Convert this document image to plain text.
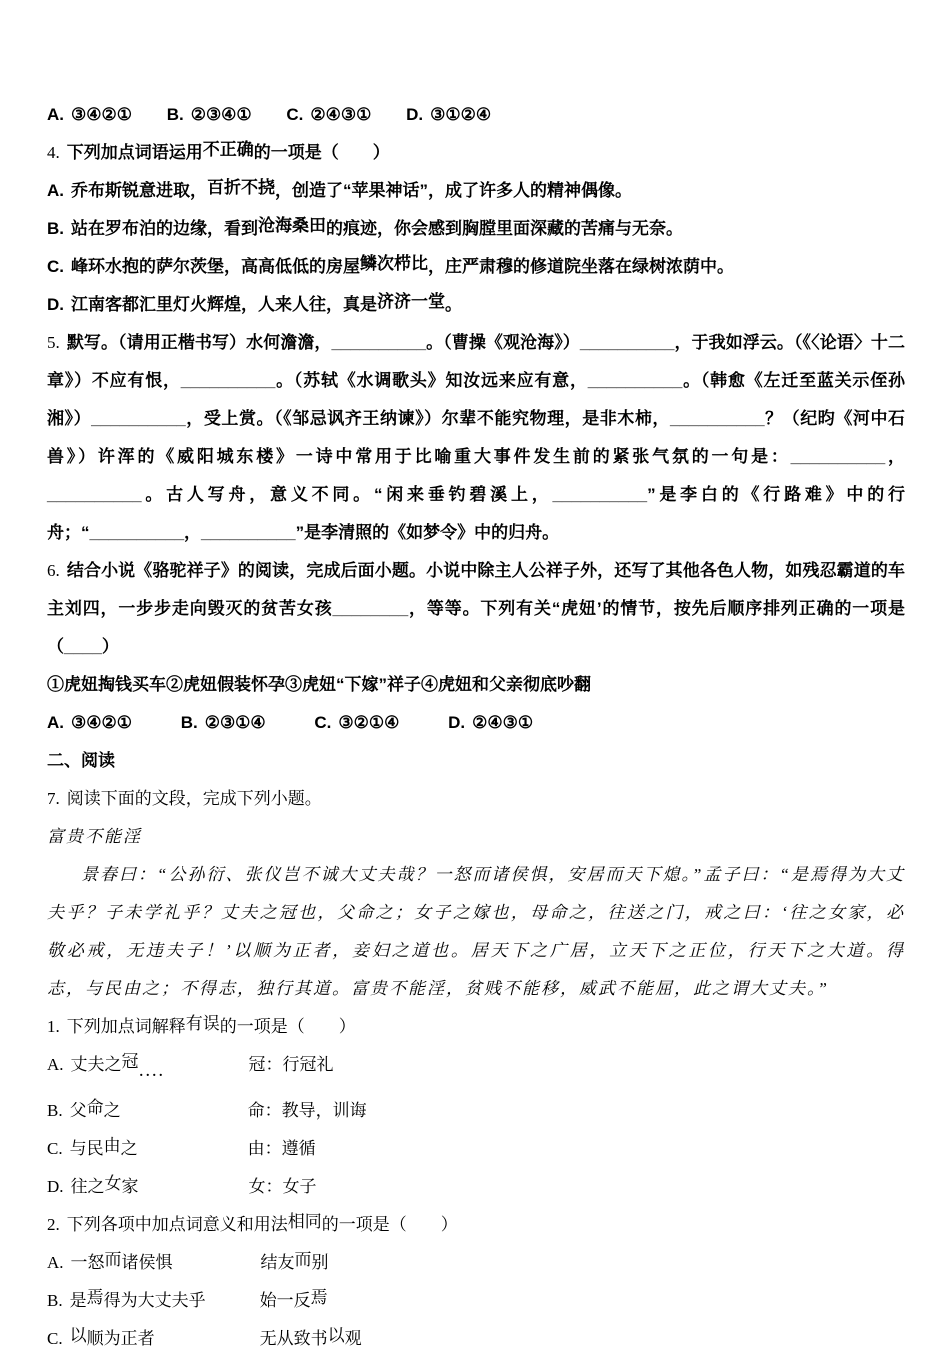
A. ③④②① B. ②③④① C. ②④③① D. ③①②④

4. 下列加点词语运用不正确的一项是（　　）

A. 乔布斯锐意进取，百折不挠，创造了“苹果神话”，成了许多人的精神偶像。

B. 站在罗布泊的边缘，看到沧海桑田的痕迹，你会感到胸膛里面深藏的苦痛与无奈。

C. 峰环水抱的萨尔茨堡，高高低低的房屋鳞次栉比，庄严肃穆的修道院坐落在绿树浓荫中。

D. 江南客都汇里灯火辉煌，人来人往，真是济济一堂。

5. 默写。（请用正楷书写）水何澹澹，__________。（曹操《观沧海》）__________，于我如浮云。（《〈论语〉十二章》）不应有恨，__________。（苏轼《水调歌头》知汝远来应有意，__________。（韩愈《左迁至蓝关示侄孙湘》）__________，受上赏。（《邹忌讽齐王纳谏》）尔辈不能究物理，是非木柿，__________？（纪昀《河中石兽》）许浑的《威阳城东楼》一诗中常用于比喻重大事件发生前的紧张气氛的一句是：__________，__________。古人写舟，意义不同。“闲来垂钓碧溪上，__________”是李白的《行路难》中的行舟；“__________，__________”是李清照的《如梦令》中的归舟。

6. 结合小说《骆驼祥子》的阅读，完成后面小题。小说中除主人公祥子外，还写了其他各色人物，如残忍霸道的车主刘四，一步步走向毁灭的贫苦女孩________，等等。下列有关“虎妞’的情节，按先后顺序排列正确的一项是（____）

①虎妞掏钱买车②虎妞假装怀孕③虎妞“下嫁”祥子④虎妞和父亲彻底吵翻

A. ③④②①	B. ②③①④	C. ③②①④	D. ②④③①

二、阅读

7. 阅读下面的文段，完成下列小题。

富贵不能淫

景春曰：“公孙衍、张仪岂不诚大丈夫哉？一怒而诸侯惧，安居而天下熄。”孟子曰：“是焉得为大丈夫乎？子未学礼乎？丈夫之冠也，父命之；女子之嫁也，母命之，往送之门，戒之曰：‘往之女家，必敬必戒，无违夫子！’以顺为正者，妾妇之道也。居天下之广居，立天下之正位，行天下之大道。得志，与民由之；不得志，独行其道。富贵不能淫，贫贱不能移，威武不能屈，此之谓大丈夫。”

1. 下列加点词解释有误的一项是（　　）

A. 丈夫之冠$_{....}$	冠：行冠礼

B. 父命之	命：教导，训诲

C. 与民由之	由：遵循

D. 往之女家	女：女子

2. 下列各项中加点词意义和用法相同的一项是（　　）

A. 一怒而诸侯惧	结友而别

B. 是焉得为大丈夫乎	始一反焉

C. 以顺为正者	无从致书以观
